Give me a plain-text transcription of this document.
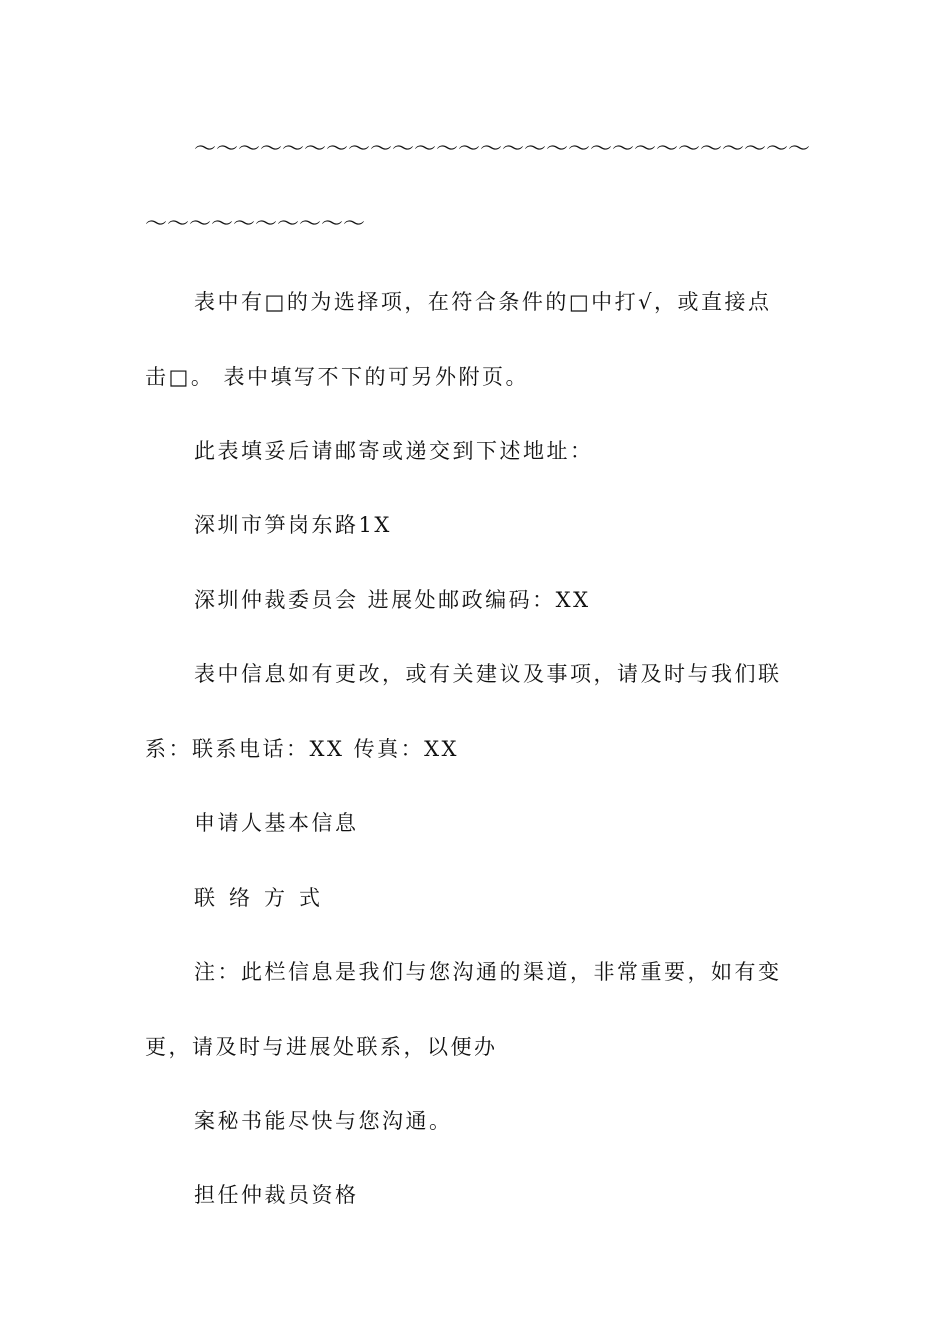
～～～～～～～～～～～～～～～～～～～～～～～～～～～～
～～～～～～～～～～
表中有□的为选择项，在符合条件的□中打√，或直接点
击□。 表中填写不下的可另外附页。
此表填妥后请邮寄或递交到下述地址：
深圳市笋岗东路1X
深圳仲裁委员会 进展处邮政编码：XX
表中信息如有更改，或有关建议及事项，请及时与我们联
系：联系电话：XX 传真：XX
申请人基本信息
联络方式
注：此栏信息是我们与您沟通的渠道，非常重要，如有变
更，请及时与进展处联系，以便办
案秘书能尽快与您沟通。
担任仲裁员资格
